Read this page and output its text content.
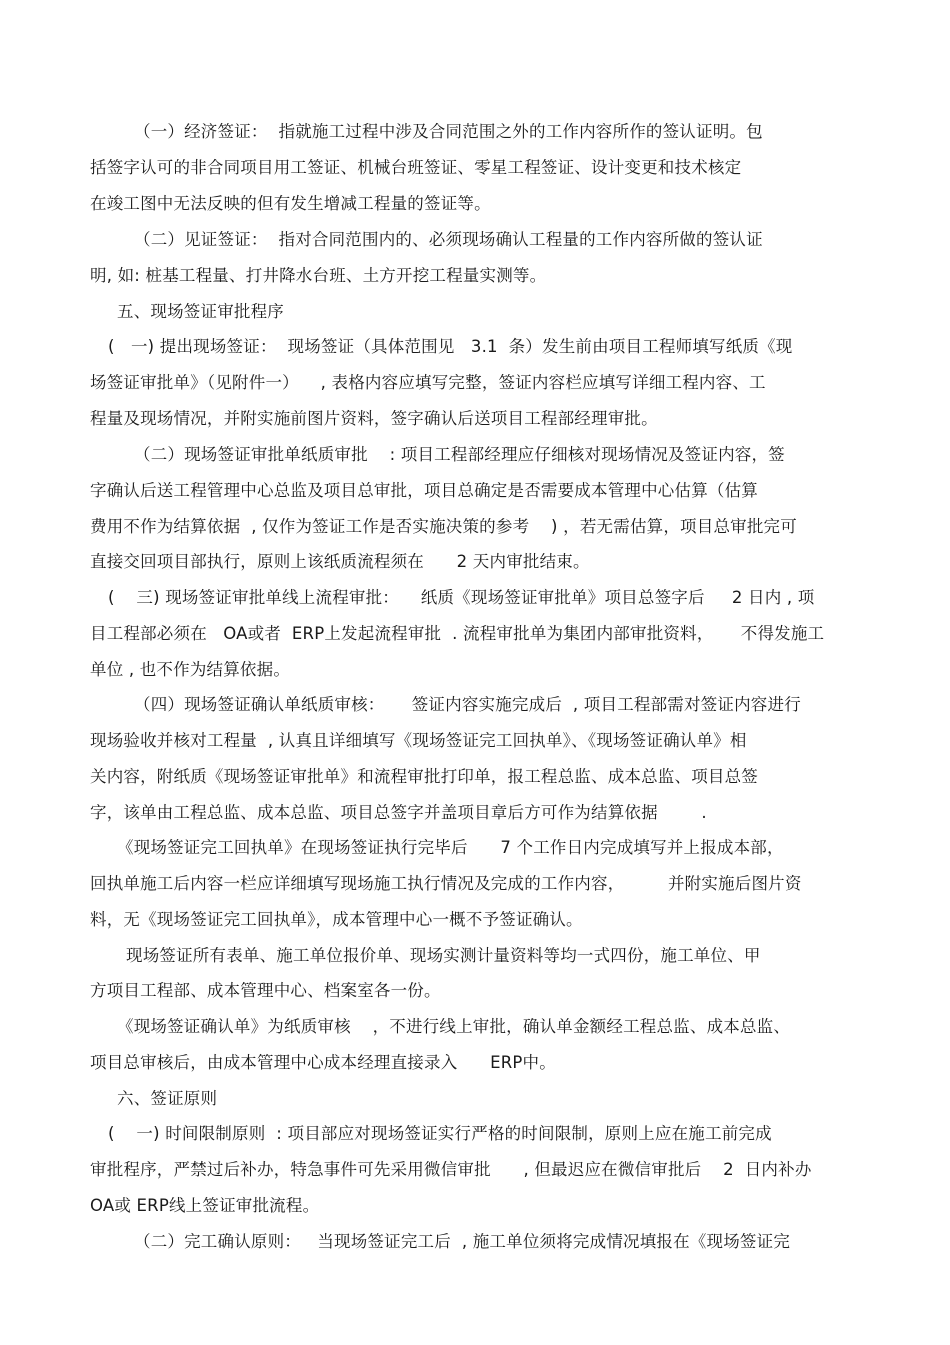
（一）经济签证：  指就施工过程中涉及合同范围之外的工作内容所作的签认证明。包
括签字认可的非合同项目用工签证、机械台班签证、零星工程签证、设计变更和技术核定
在竣工图中无法反映的但有发生增减工程量的签证等。
（二）见证签证：  指对合同范围内的、必须现场确认工程量的工作内容所做的签认证
明, 如: 桩基工程量、打井降水台班、土方开挖工程量实测等。
五、现场签证审批程序
(   一) 提出现场签证：  现场签证（具体范围见   3.1  条）发生前由项目工程师填写纸质《现
场签证审批单》（见附件一）    , 表格内容应填写完整，签证内容栏应填写详细工程内容、工
程量及现场情况，并附实施前图片资料，签字确认后送项目工程部经理审批。
（二）现场签证审批单纸质审批    : 项目工程部经理应仔细核对现场情况及签证内容，签
字确认后送工程管理中心总监及项目总审批，项目总确定是否需要成本管理中心估算（估算
费用不作为结算依据  , 仅作为签证工作是否实施决策的参考    ) ，若无需估算，项目总审批完可
直接交回项目部执行，原则上该纸质流程须在      2 天内审批结束。
(    三) 现场签证审批单线上流程审批：    纸质《现场签证审批单》项目总签字后     2 日内 , 项
目工程部必须在   OA或者  ERP上发起流程审批  . 流程审批单为集团内部审批资料，     不得发施工
单位 , 也不作为结算依据。
（四）现场签证确认单纸质审核：     签证内容实施完成后  , 项目工程部需对签证内容进行
现场验收并核对工程量  , 认真且详细填写《现场签证完工回执单》、《现场签证确认单》相
关内容，附纸质《现场签证审批单》和流程审批打印单，报工程总监、成本总监、项目总签
字，该单由工程总监、成本总监、项目总签字并盖项目章后方可作为结算依据        .
《现场签证完工回执单》在现场签证执行完毕后      7 个工作日内完成填写并上报成本部，
回执单施工后内容一栏应详细填写现场施工执行情况及完成的工作内容，        并附实施后图片资
料，无《现场签证完工回执单》，成本管理中心一概不予签证确认。
现场签证所有表单、施工单位报价单、现场实测计量资料等均一式四份，施工单位、甲
方项目工程部、成本管理中心、档案室各一份。
《现场签证确认单》为纸质审核    ，不进行线上审批，确认单金额经工程总监、成本总监、
项目总审核后，由成本管理中心成本经理直接录入      ERP中。
六、签证原则
(    一) 时间限制原则  : 项目部应对现场签证实行严格的时间限制，原则上应在施工前完成
审批程序，严禁过后补办，特急事件可先采用微信审批      , 但最迟应在微信审批后    2  日内补办
OA或 ERP线上签证审批流程。
（二）完工确认原则：   当现场签证完工后  , 施工单位须将完成情况填报在《现场签证完
